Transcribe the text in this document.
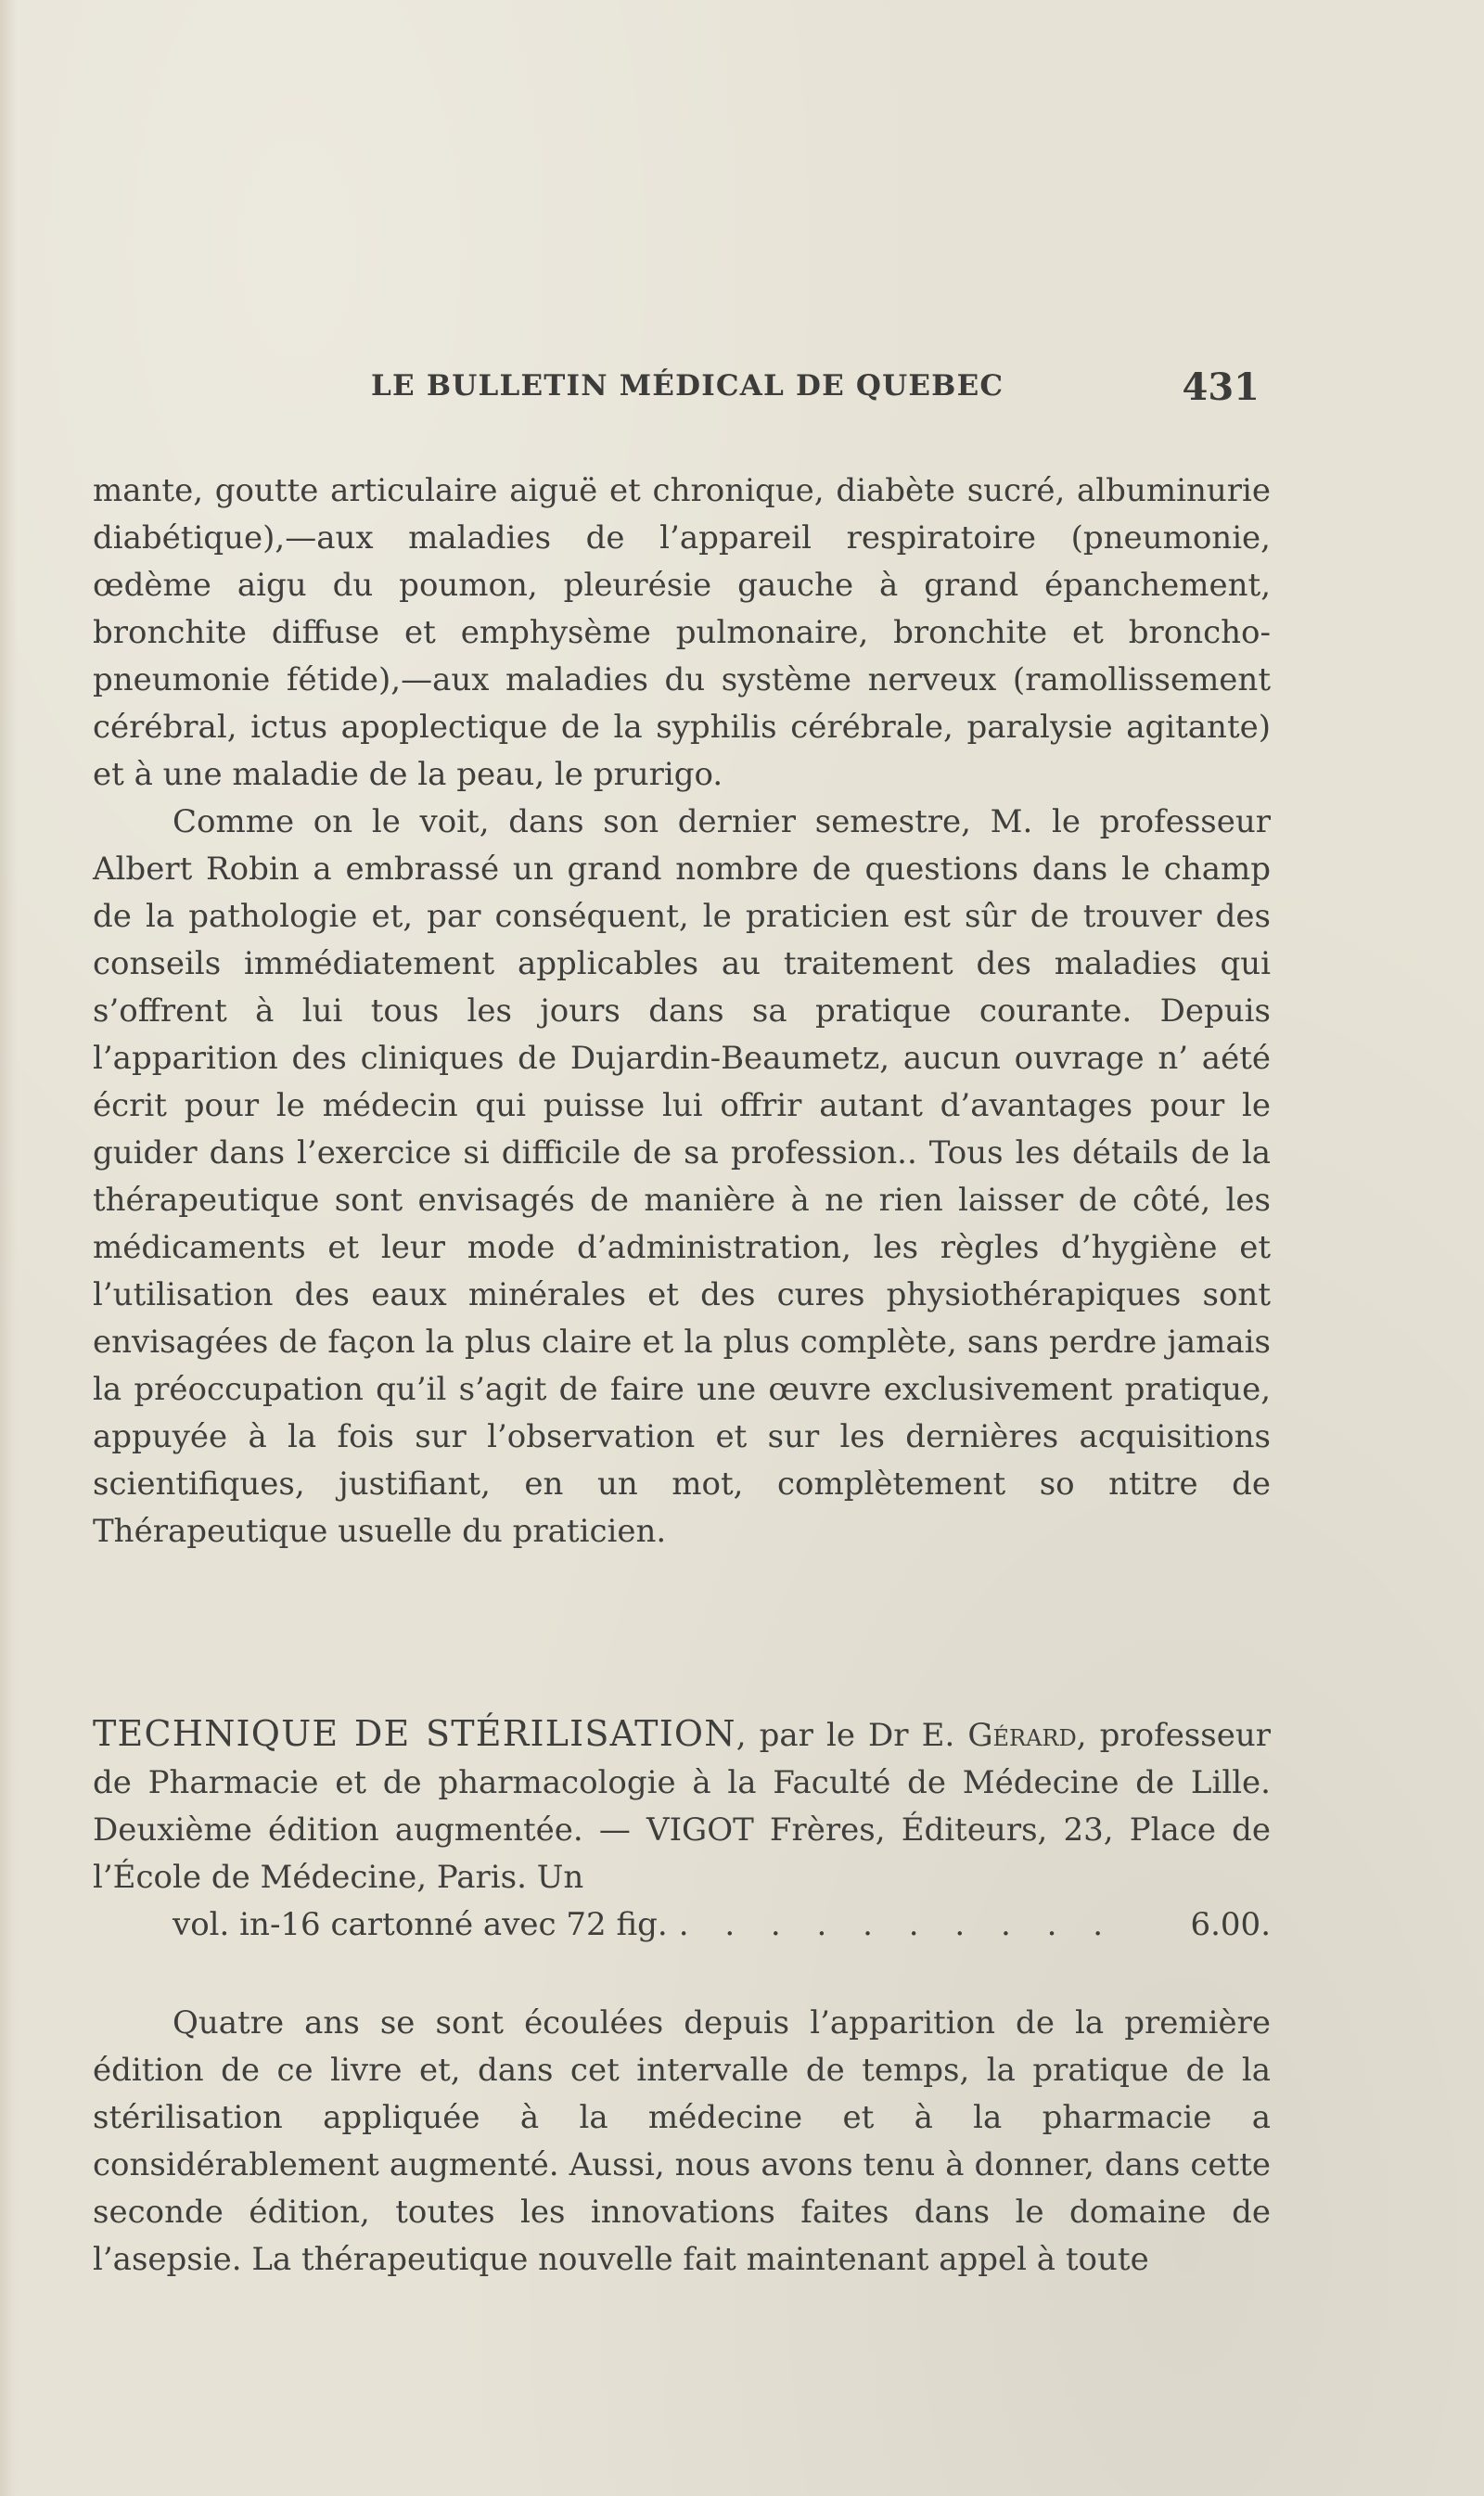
LE BULLETIN MÉDICAL DE QUEBEC	431

mante, goutte articulaire aiguë et chronique, diabète sucré, albuminurie diabétique),—aux maladies de l’appareil respiratoire (pneumonie, œdème aigu du poumon, pleurésie gauche à grand épanchement, bronchite diffuse et emphysème pulmonaire, bronchite et broncho-pneumonie fétide),—aux maladies du système nerveux (ramollissement cérébral, ictus apoplectique de la syphilis cérébrale, paralysie agitante) et à une maladie de la peau, le prurigo.

Comme on le voit, dans son dernier semestre, M. le professeur Albert Robin a embrassé un grand nombre de questions dans le champ de la pathologie et, par conséquent, le praticien est sûr de trouver des conseils immédiatement applicables au traitement des maladies qui s’offrent à lui tous les jours dans sa pratique courante. Depuis l’apparition des cliniques de Dujardin-Beaumetz, aucun ouvrage n’ aété écrit pour le médecin qui puisse lui offrir autant d’avantages pour le guider dans l’exercice si difficile de sa profession.. Tous les détails de la thérapeutique sont envisagés de manière à ne rien laisser de côté, les médicaments et leur mode d’administration, les règles d’hygiène et l’utilisation des eaux minérales et des cures physiothérapiques sont envisagées de façon la plus claire et la plus complète, sans perdre jamais la préoccupation qu’il s’agit de faire une œuvre exclusivement pratique, appuyée à la fois sur l’observation et sur les dernières acquisitions scientifiques, justifiant, en un mot, complètement so ntitre de Thérapeutique usuelle du praticien.

TECHNIQUE DE STÉRILISATION, par le Dr E. Gérard, professeur de Pharmacie et de pharmacologie à la Faculté de Médecine de Lille. Deuxième édition augmentée. — VIGOT Frères, Éditeurs, 23, Place de l’École de Médecine, Paris. Un

vol. in-16 cartonné avec 72 fig. . . . . . . . . . .	6.00.

Quatre ans se sont écoulées depuis l’apparition de la première édition de ce livre et, dans cet intervalle de temps, la pratique de la stérilisation appliquée à la médecine et à la pharmacie a considérablement augmenté. Aussi, nous avons tenu à donner, dans cette seconde édition, toutes les innovations faites dans le domaine de l’asepsie. La thérapeutique nouvelle fait maintenant appel à toute
